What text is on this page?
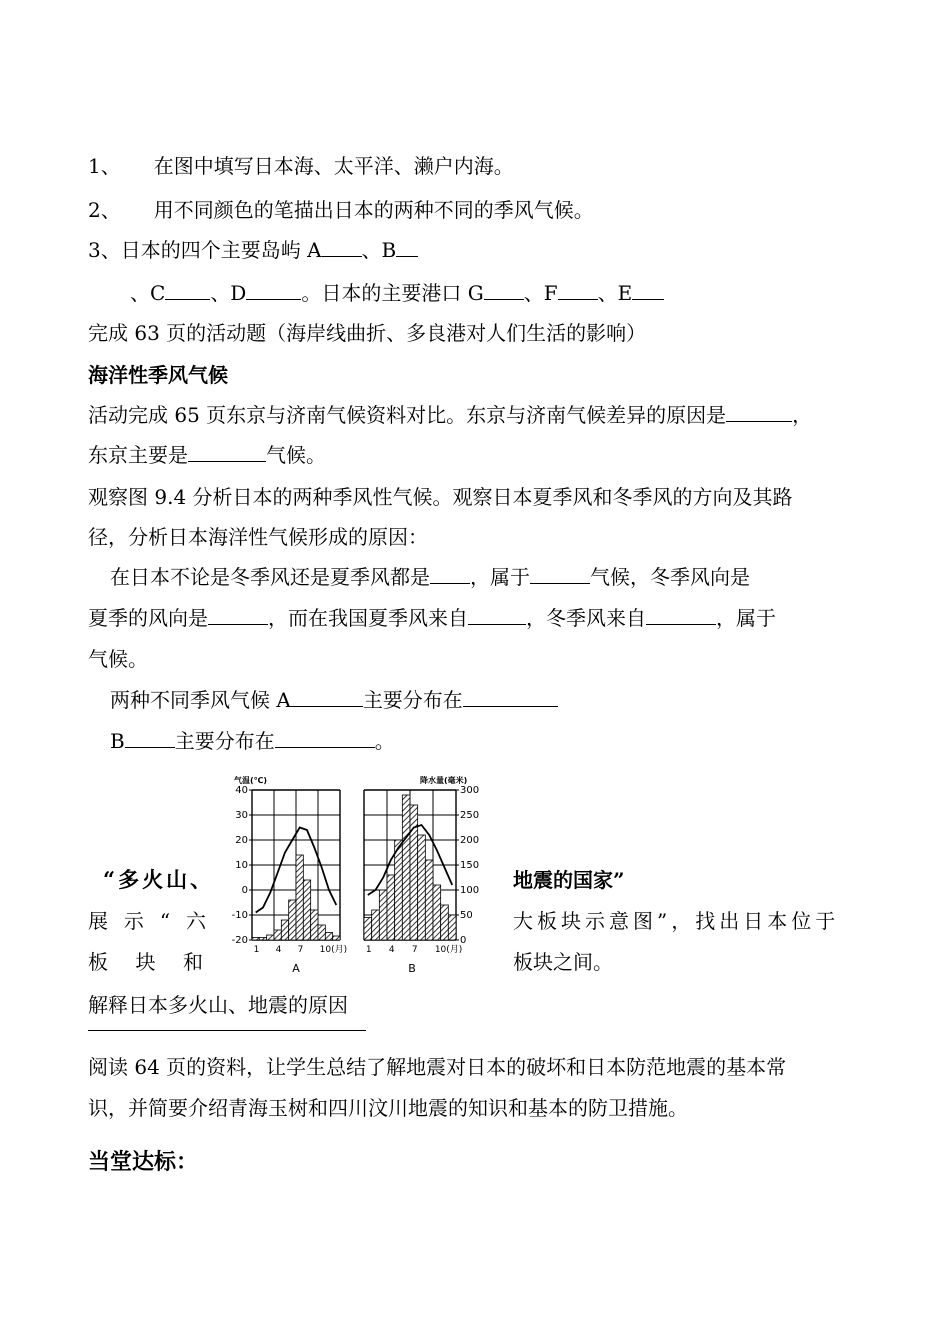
1、 在图中填写日本海、太平洋、濑户内海。
2、 用不同颜色的笔描出日本的两种不同的季风气候。
3、日本的四个主要岛屿 A 、B
、C 、D	。日本的主要港口 G 、F 、E
完成 63 页的活动题（海岸线曲折、多良港对人们生活的影响）
海洋性季风气候
活动完成 65 页东京与济南气候资料对比。东京与济南气候差异的原因是	，
东京主要是	气候。
观察图 9.4 分析日本的两种季风性气候。观察日本夏季风和冬季风的方向及其路
径，分析日本海洋性气候形成的原因：
在日本不论是冬季风还是夏季风都是 ，属于	气候，冬季风向是
夏季的风向是	，而在我国夏季风来自	，冬季风来自	，属于
气候。
两种不同季风气候 A	主要分布在
B	主要分布在	。
气温(℃)	降水量(毫米)
40
30
20
10
0
-10
-20
1 4 7 10(月)
300
250
200
150
100
50
0
1 4 7 10(月)
A	B
“多火山、	地震的国家”
展 示 “ 六	大板块示意图”，找出日本位于
板 块 和	板块之间。
解释日本多火山、地震的原因
阅读 64 页的资料，让学生总结了解地震对日本的破坏和日本防范地震的基本常
识，并简要介绍青海玉树和四川汶川地震的知识和基本的防卫措施。
当堂达标：
